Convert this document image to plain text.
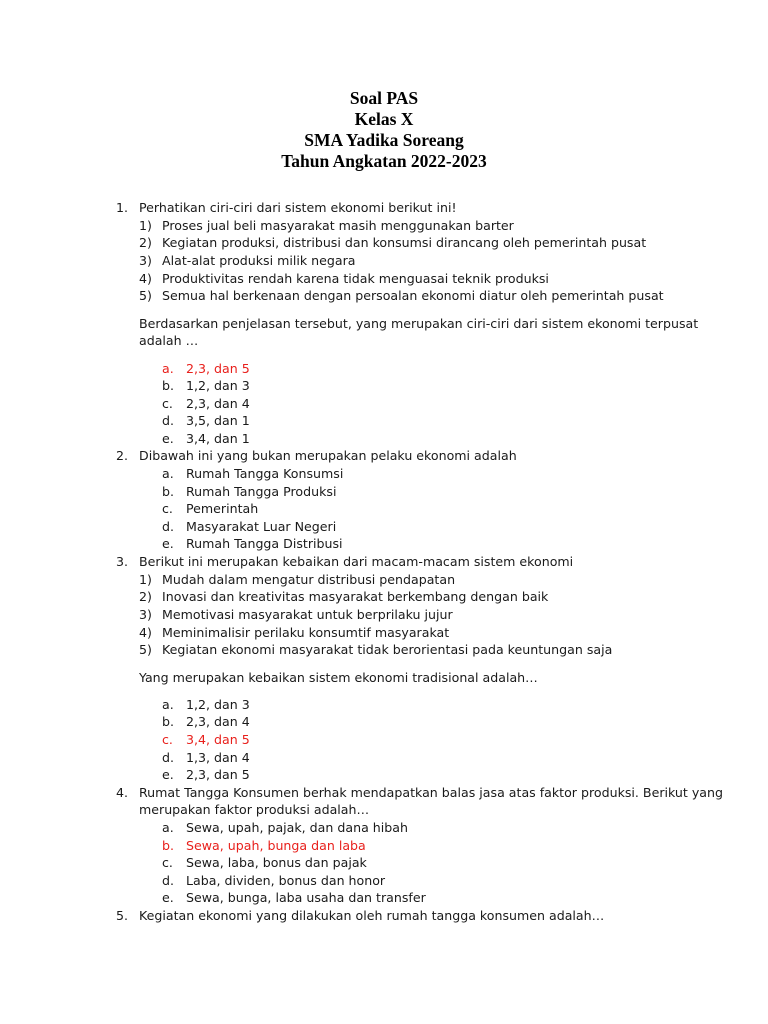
Soal PAS
Kelas X
SMA Yadika Soreang
Tahun Angkatan 2022-2023
1. Perhatikan ciri-ciri dari sistem ekonomi berikut ini!
1) Proses jual beli masyarakat masih menggunakan barter
2) Kegiatan produksi, distribusi dan konsumsi dirancang oleh pemerintah pusat
3) Alat-alat produksi milik negara
4) Produktivitas rendah karena tidak menguasai teknik produksi
5) Semua hal berkenaan dengan persoalan ekonomi diatur oleh pemerintah pusat
Berdasarkan penjelasan tersebut, yang merupakan ciri-ciri dari sistem ekonomi terpusat
adalah …
a. 2,3, dan 5
b. 1,2, dan 3
c. 2,3, dan 4
d. 3,5, dan 1
e. 3,4, dan 1
2. Dibawah ini yang bukan merupakan pelaku ekonomi adalah
a. Rumah Tangga Konsumsi
b. Rumah Tangga Produksi
c. Pemerintah
d. Masyarakat Luar Negeri
e. Rumah Tangga Distribusi
3. Berikut ini merupakan kebaikan dari macam-macam sistem ekonomi
1) Mudah dalam mengatur distribusi pendapatan
2) Inovasi dan kreativitas masyarakat berkembang dengan baik
3) Memotivasi masyarakat untuk berprilaku jujur
4) Meminimalisir perilaku konsumtif masyarakat
5) Kegiatan ekonomi masyarakat tidak berorientasi pada keuntungan saja
Yang merupakan kebaikan sistem ekonomi tradisional adalah…
a. 1,2, dan 3
b. 2,3, dan 4
c. 3,4, dan 5
d. 1,3, dan 4
e. 2,3, dan 5
4. Rumat Tangga Konsumen berhak mendapatkan balas jasa atas faktor produksi. Berikut yang
merupakan faktor produksi adalah…
a. Sewa, upah, pajak, dan dana hibah
b. Sewa, upah, bunga dan laba
c. Sewa, laba, bonus dan pajak
d. Laba, dividen, bonus dan honor
e. Sewa, bunga, laba usaha dan transfer
5. Kegiatan ekonomi yang dilakukan oleh rumah tangga konsumen adalah…
